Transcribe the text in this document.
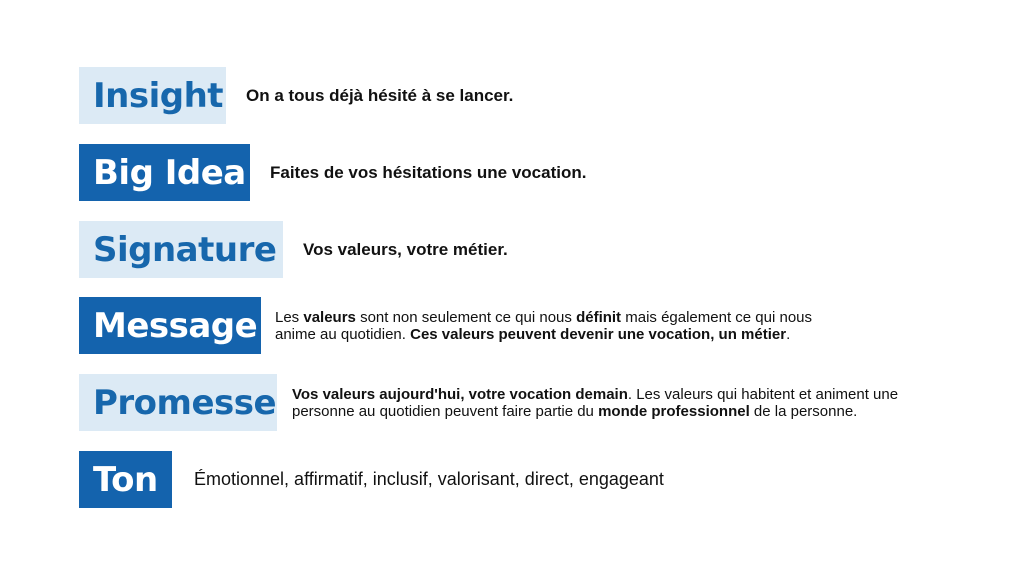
Insight On a tous déjà hésité à se lancer.
Big Idea Faites de vos hésitations une vocation.
Signature	Vos valeurs, votre métier.
Message Les valeurs sont non seulement ce qui nous définit mais également ce qui nous
anime au quotidien. Ces valeurs peuvent devenir une vocation, un métier.
Promesse Vos valeurs aujourd'hui, votre vocation demain. Les valeurs qui habitent et animent une
personne au quotidien peuvent faire partie du monde professionnel de la personne.
Ton	Émotionnel, affirmatif, inclusif, valorisant, direct, engageant
